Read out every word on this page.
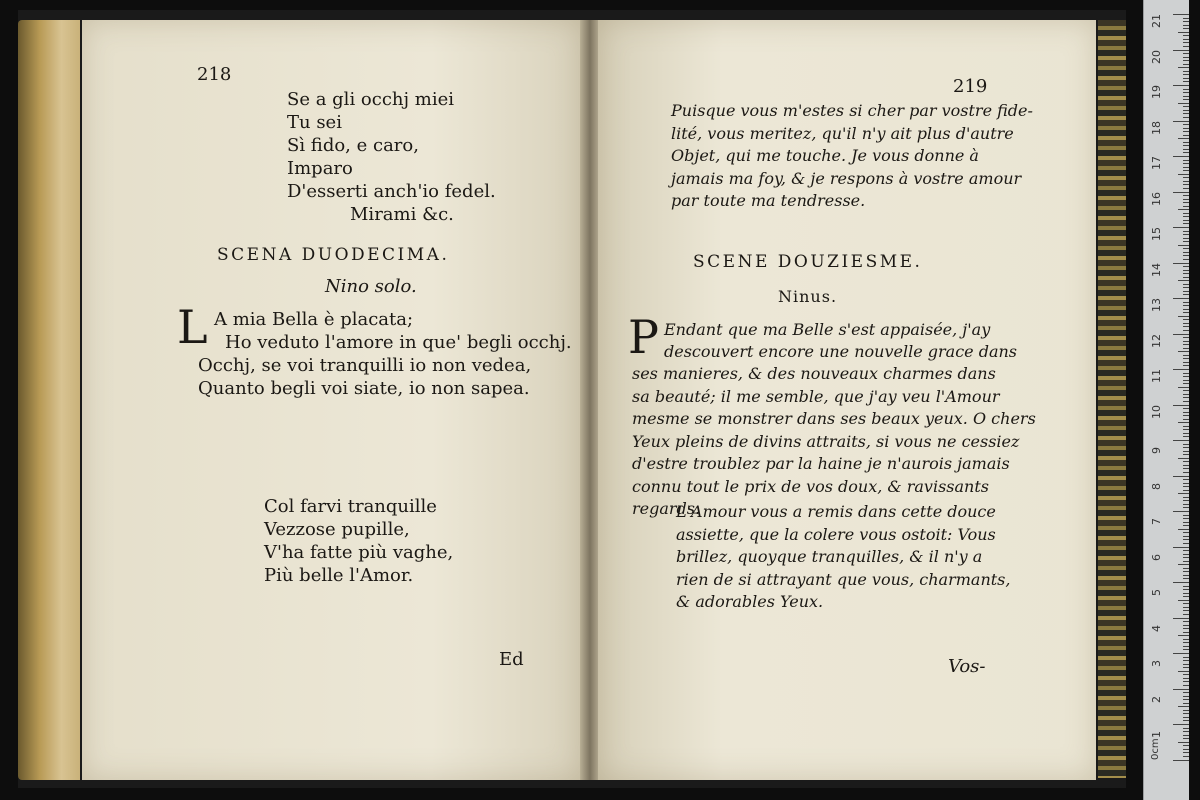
218
Se a gli occhj miei
Tu sei
Sì fido, e caro,
Imparo
D'esserti anch'io fedel.
Mirami &c.
SCENA DUODECIMA.
Nino solo.
L A mia Bella è placata;
Ho veduto l'amore in que' begli occhj.
Occhj, se voi tranquilli io non vedea,
Quanto begli voi siate, io non sapea.
Col farvi tranquille
Vezzose pupille,
V'ha fatte più vaghe,
Più belle l'Amor.
Ed
219
Puisque vous m'estes si cher par vostre fide-
lité, vous meritez, qu'il n'y ait plus d'autre
Objet, qui me touche. Je vous donne à
jamais ma foy, & je respons à vostre amour
par toute ma tendresse.
SCENE DOUZIESME.
Ninus.
P Endant que ma Belle s'est appaisée, j'ay
descouvert encore une nouvelle grace dans
ses manieres, & des nouveaux charmes dans
sa beauté; il me semble, que j'ay veu l'Amour
mesme se monstrer dans ses beaux yeux. O chers
Yeux pleins de divins attraits, si vous ne cessiez
d'estre troublez par la haine je n'aurois jamais
connu tout le prix de vos doux, & ravissants
regards.
L'Amour vous a remis dans cette douce
assiette, que la colere vous ostoit: Vous
brillez, quoyque tranquilles, & il n'y a
rien de si attrayant que vous, charmants,
& adorables Yeux.
Vos-
21
20
19
18
17
16
15
14
13
12
11
10
9
8
7
6
5
4
3
2
1
0cm
